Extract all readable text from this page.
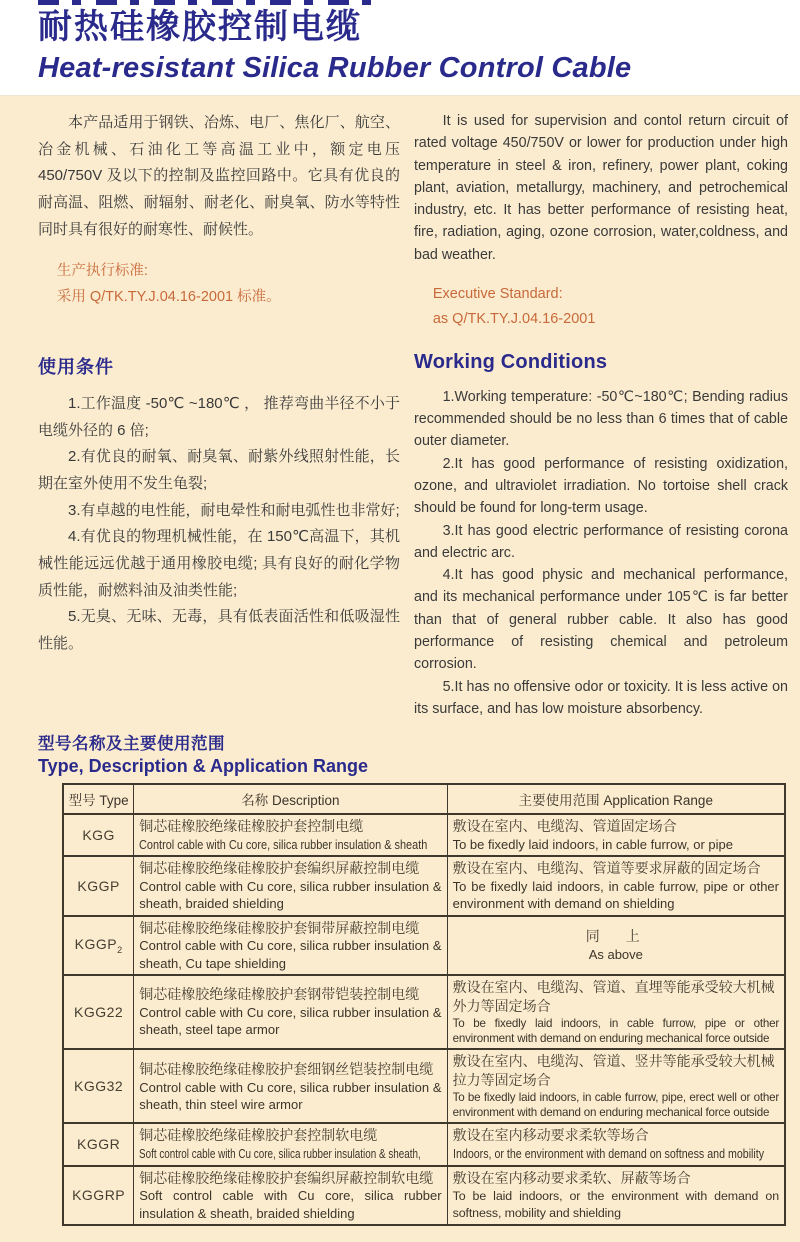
耐热硅橡胶控制电缆
Heat-resistant Silica Rubber Control Cable

本产品适用于钢铁、冶炼、电厂、焦化厂、航空、冶金机械、石油化工等高温工业中，额定电压 450/750V 及以下的控制及监控回路中。它具有优良的耐高温、阻燃、耐辐射、耐老化、耐臭氧、防水等特性同时具有很好的耐寒性、耐候性。

生产执行标准:

采用 Q/TK.TY.J.04.16-2001 标准。

It is used for supervision and contol return circuit of rated voltage 450/750V or lower for production under high temperature in steel & iron, refinery, power plant, coking plant, aviation, metallurgy, machinery, and petrochemical industry, etc. It has better performance of resisting heat, fire, radiation, aging, ozone corrosion, water,coldness, and bad weather.

Executive Standard:

as Q/TK.TY.J.04.16-2001

使用条件

1.工作温度 -50℃ ~180℃ ， 推荐弯曲半径不小于电缆外径的 6 倍;

2.有优良的耐氧、耐臭氧、耐紫外线照射性能，长期在室外使用不发生龟裂;

3.有卓越的电性能，耐电晕性和耐电弧性也非常好;

4.有优良的物理机械性能，在 150℃高温下，其机械性能远远优越于通用橡胶电缆; 具有良好的耐化学物质性能，耐燃料油及油类性能;

5.无臭、无味、无毒，具有低表面活性和低吸湿性性能。

Working Conditions

1.Working temperature: -50℃~180℃; Bending radius recommended should be no less than 6 times that of cable outer diameter.

2.It has good performance of resisting oxidization, ozone, and ultraviolet irradiation. No tortoise shell crack should be found for long-term usage.

3.It has good electric performance of resisting corona and electric arc.

4.It has good physic and mechanical performance, and its mechanical performance under 105℃ is far better than that of general rubber cable. It also has good performance of resisting chemical and petroleum corrosion.

5.It has no offensive odor or toxicity. It is less active on its surface, and has low moisture absorbency.

型号名称及主要使用范围
Type, Description & Application Range
型号 Type	名称 Description	主要使用范围 Application Range
KGG	铜芯硅橡胶绝缘硅橡胶护套控制电缆
Control cable with Cu core, silica rubber insulation & sheath	敷设在室内、电缆沟、管道固定场合
To be fixedly laid indoors, in cable furrow, or pipe

KGGP	铜芯硅橡胶绝缘硅橡胶护套编织屏蔽控制电缆
Control cable with Cu core, silica rubber insulation & sheath, braided shielding	敷设在室内、电缆沟、管道等要求屏蔽的固定场合
To be fixedly laid indoors, in cable furrow, pipe or other environment with demand on shielding

$KGGP_2$	铜芯硅橡胶绝缘硅橡胶护套铜带屏蔽控制电缆
Control cable with Cu core, silica rubber insulation & sheath, Cu tape shielding	同　上
As above

KGG22	铜芯硅橡胶绝缘硅橡胶护套钢带铠装控制电缆
Control cable with Cu core, silica rubber insulation & sheath, steel tape armor	敷设在室内、电缆沟、管道、直埋等能承受较大机械外力等固定场合
To be fixedly laid indoors, in cable furrow, pipe or other environment with demand on enduring mechanical force outside

KGG32	铜芯硅橡胶绝缘硅橡胶护套细钢丝铠装控制电缆
Control cable with Cu core, silica rubber insulation & sheath, thin steel wire armor	敷设在室内、电缆沟、管道、竖井等能承受较大机械拉力等固定场合
To be fixedly laid indoors, in cable furrow, pipe, erect well or other environment with demand on enduring mechanical force outside

KGGR	铜芯硅橡胶绝缘硅橡胶护套控制软电缆
Soft control cable with Cu core, silica rubber insulation & sheath,	敷设在室内移动要求柔软等场合
Indoors, or the environment with demand on softness and mobility

KGGRP	铜芯硅橡胶绝缘硅橡胶护套编织屏蔽控制软电缆
Soft control cable with Cu core, silica rubber insulation & sheath, braided shielding	敷设在室内移动要求柔软、屏蔽等场合
To be laid indoors, or the environment with demand on softness, mobility and shielding
